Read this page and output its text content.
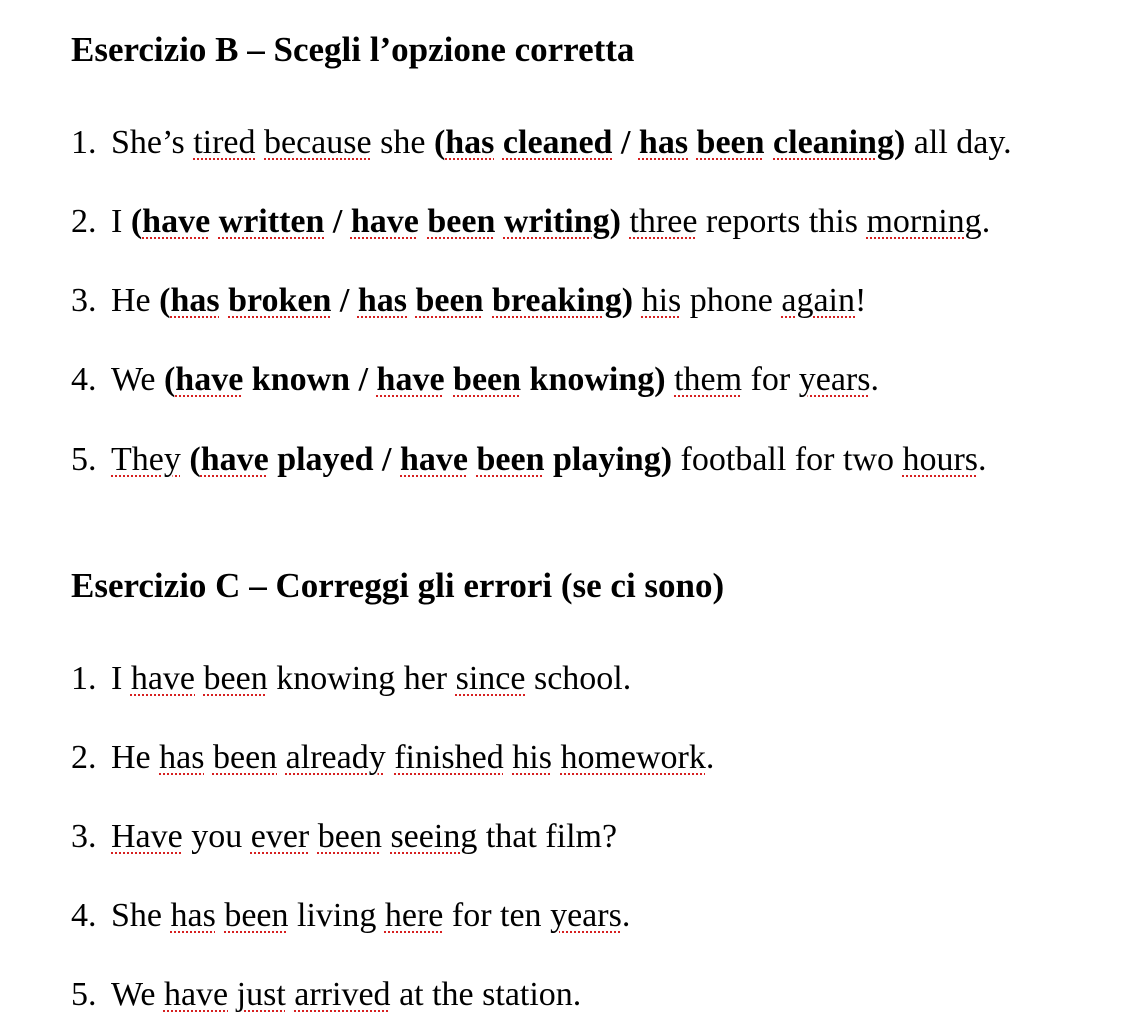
Esercizio B – Scegli l’opzione corretta
1. She’s tired because she (has cleaned / has been cleaning) all day.
2. I (have written / have been writing) three reports this morning.
3. He (has broken / has been breaking) his phone again!
4. We (have known / have been knowing) them for years.
5. They (have played / have been playing) football for two hours.
Esercizio C – Correggi gli errori (se ci sono)
1. I have been knowing her since school.
2. He has been already finished his homework.
3. Have you ever been seeing that film?
4. She has been living here for ten years.
5. We have just arrived at the station.
